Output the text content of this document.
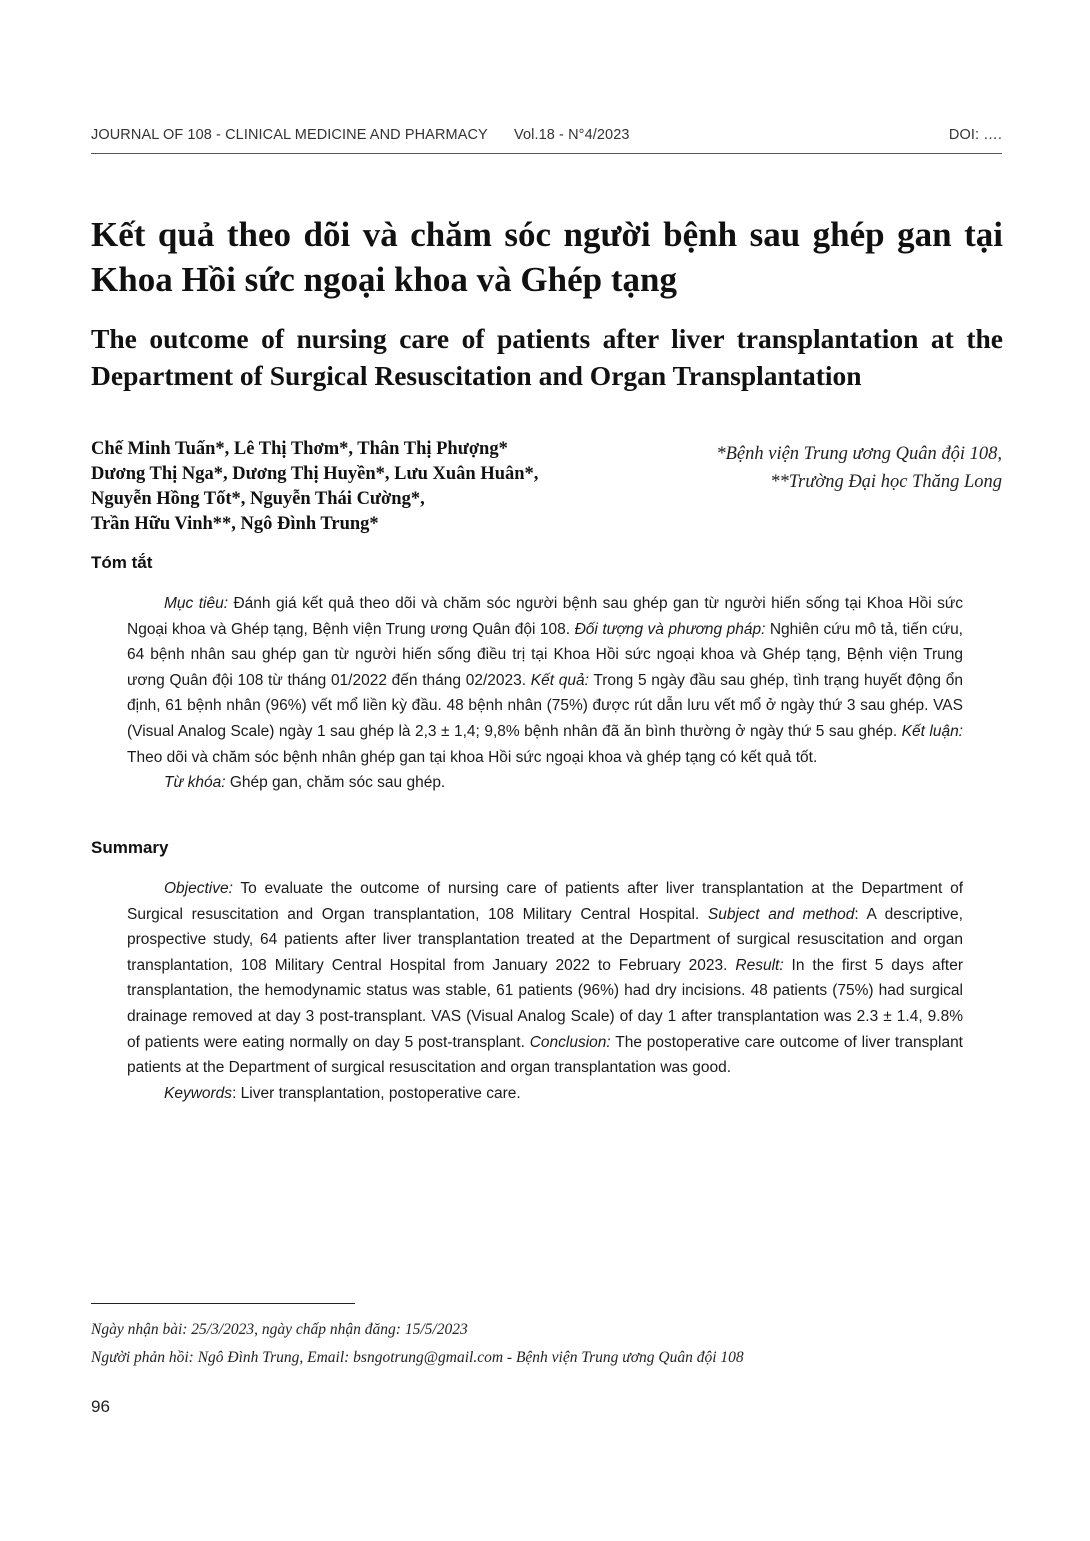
JOURNAL OF 108 - CLINICAL MEDICINE AND PHARMACY Vol.18 - N°4/2023	DOI: ….
Kết quả theo dõi và chăm sóc người bệnh sau ghép gan tại Khoa Hồi sức ngoại khoa và Ghép tạng
The outcome of nursing care of patients after liver transplantation at the Department of Surgical Resuscitation and Organ Transplantation
Chế Minh Tuấn*, Lê Thị Thơm*, Thân Thị Phượng*
Dương Thị Nga*, Dương Thị Huyền*, Lưu Xuân Huân*,
Nguyễn Hồng Tốt*, Nguyễn Thái Cường*,
Trần Hữu Vinh**, Ngô Đình Trung*
*Bệnh viện Trung ương Quân đội 108,
**Trường Đại học Thăng Long
Tóm tắt

Mục tiêu: Đánh giá kết quả theo dõi và chăm sóc người bệnh sau ghép gan từ người hiến sống tại Khoa Hồi sức Ngoại khoa và Ghép tạng, Bệnh viện Trung ương Quân đội 108. Đối tượng và phương pháp: Nghiên cứu mô tả, tiến cứu, 64 bệnh nhân sau ghép gan từ người hiến sống điều trị tại Khoa Hồi sức ngoại khoa và Ghép tạng, Bệnh viện Trung ương Quân đội 108 từ tháng 01/2022 đến tháng 02/2023. Kết quả: Trong 5 ngày đầu sau ghép, tình trạng huyết động ổn định, 61 bệnh nhân (96%) vết mổ liền kỳ đầu. 48 bệnh nhân (75%) được rút dẫn lưu vết mổ ở ngày thứ 3 sau ghép. VAS (Visual Analog Scale) ngày 1 sau ghép là 2,3 ± 1,4; 9,8% bệnh nhân đã ăn bình thường ở ngày thứ 5 sau ghép. Kết luận: Theo dõi và chăm sóc bệnh nhân ghép gan tại khoa Hồi sức ngoại khoa và ghép tạng có kết quả tốt.

Từ khóa: Ghép gan, chăm sóc sau ghép.

Summary

Objective: To evaluate the outcome of nursing care of patients after liver transplantation at the Department of Surgical resuscitation and Organ transplantation, 108 Military Central Hospital. Subject and method: A descriptive, prospective study, 64 patients after liver transplantation treated at the Department of surgical resuscitation and organ transplantation, 108 Military Central Hospital from January 2022 to February 2023. Result: In the first 5 days after transplantation, the hemodynamic status was stable, 61 patients (96%) had dry incisions. 48 patients (75%) had surgical drainage removed at day 3 post-transplant. VAS (Visual Analog Scale) of day 1 after transplantation was 2.3 ± 1.4, 9.8% of patients were eating normally on day 5 post-transplant. Conclusion: The postoperative care outcome of liver transplant patients at the Department of surgical resuscitation and organ transplantation was good.

Keywords: Liver transplantation, postoperative care.

Ngày nhận bài: 25/3/2023, ngày chấp nhận đăng: 15/5/2023
Người phản hồi: Ngô Đình Trung, Email: bsngotrung@gmail.com - Bệnh viện Trung ương Quân đội 108
96
